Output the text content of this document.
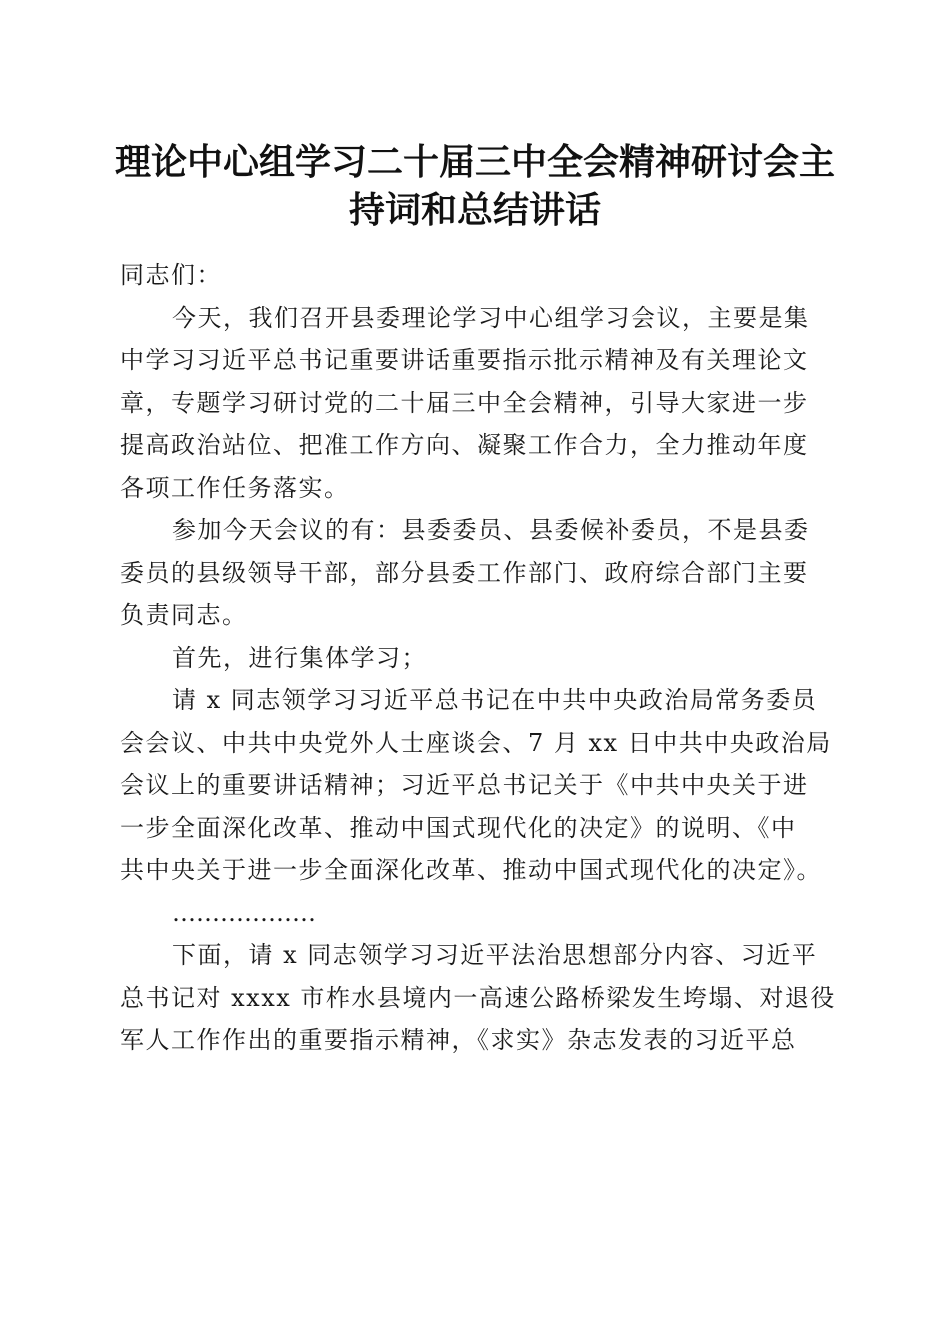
理论中心组学习二十届三中全会精神研讨会主
持词和总结讲话
同志们：
今天，我们召开县委理论学习中心组学习会议，主要是集
中学习习近平总书记重要讲话重要指示批示精神及有关理论文
章，专题学习研讨党的二十届三中全会精神，引导大家进一步
提高政治站位、把准工作方向、凝聚工作合力，全力推动年度
各项工作任务落实。
参加今天会议的有：县委委员、县委候补委员，不是县委
委员的县级领导干部，部分县委工作部门、政府综合部门主要
负责同志。
首先，进行集体学习；
请 x 同志领学习习近平总书记在中共中央政治局常务委员
会会议、中共中央党外人士座谈会、7 月 xx 日中共中央政治局
会议上的重要讲话精神；习近平总书记关于《中共中央关于进
一步全面深化改革、推动中国式现代化的决定》的说明、《中
共中央关于进一步全面深化改革、推动中国式现代化的决定》。
………………
下面，请 x 同志领学习习近平法治思想部分内容、习近平
总书记对 xxxx 市柞水县境内一高速公路桥梁发生垮塌、对退役
军人工作作出的重要指示精神，《求实》杂志发表的习近平总
